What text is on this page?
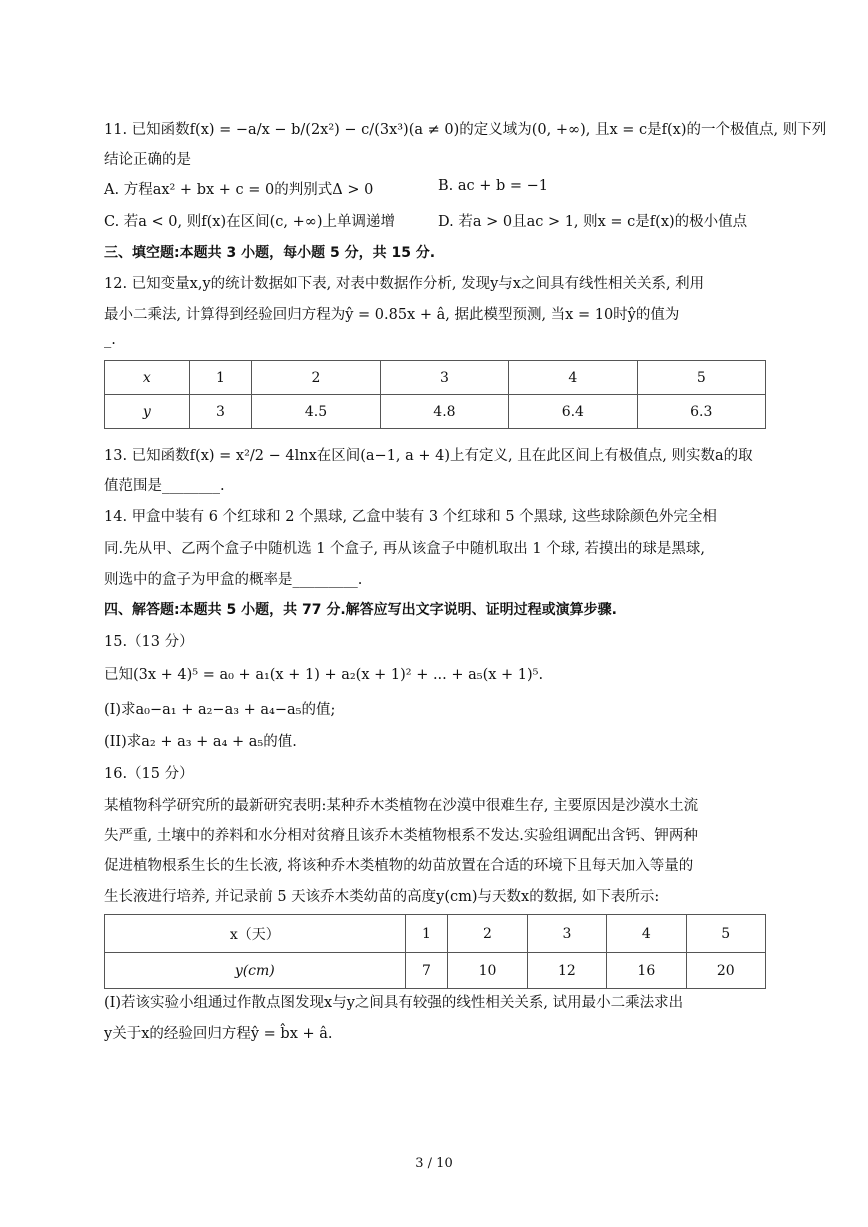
11. 已知函数f(x) = −a/x − b/(2x²) − c/(3x³)(a ≠ 0)的定义域为(0, +∞), 且x = c是f(x)的一个极值点, 则下列
结论正确的是
A. 方程ax² + bx + c = 0的判别式Δ > 0	B. ac + b = −1
C. 若a < 0, 则f(x)在区间(c, +∞)上单调递增	D. 若a > 0且ac > 1, 则x = c是f(x)的极小值点
三、填空题:本题共 3 小题，每小题 5 分，共 15 分.
12. 已知变量x,y的统计数据如下表, 对表中数据作分析, 发现y与x之间具有线性相关关系, 利用
最小二乘法, 计算得到经验回归方程为ŷ = 0.85x + â, 据此模型预测, 当x = 10时ŷ的值为
_.
x	1	2	3	4	5
y	3	4.5	4.8	6.4	6.3
13. 已知函数f(x) = x²/2 − 4lnx在区间(a−1, a + 4)上有定义, 且在此区间上有极值点, 则实数a的取
值范围是________.
14. 甲盒中装有 6 个红球和 2 个黑球, 乙盒中装有 3 个红球和 5 个黑球, 这些球除颜色外完全相
同.先从甲、乙两个盒子中随机选 1 个盒子, 再从该盒子中随机取出 1 个球, 若摸出的球是黑球,
则选中的盒子为甲盒的概率是_________.
四、解答题:本题共 5 小题，共 77 分.解答应写出文字说明、证明过程或演算步骤.
15.（13 分）
已知(3x + 4)⁵ = a₀ + a₁(x + 1) + a₂(x + 1)² + ... + a₅(x + 1)⁵.
(I)求a₀−a₁ + a₂−a₃ + a₄−a₅的值;
(II)求a₂ + a₃ + a₄ + a₅的值.
16.（15 分）
某植物科学研究所的最新研究表明:某种乔木类植物在沙漠中很难生存, 主要原因是沙漠水土流
失严重, 土壤中的养料和水分相对贫瘠且该乔木类植物根系不发达.实验组调配出含钙、钾两种
促进植物根系生长的生长液, 将该种乔木类植物的幼苗放置在合适的环境下且每天加入等量的
生长液进行培养, 并记录前 5 天该乔木类幼苗的高度y(cm)与天数x的数据, 如下表所示:
x（天）	1	2	3	4	5
y(cm)	7	10	12	16	20
(I)若该实验小组通过作散点图发现x与y之间具有较强的线性相关关系, 试用最小二乘法求出
y关于x的经验回归方程ŷ = b̂x + â.
3 / 10
